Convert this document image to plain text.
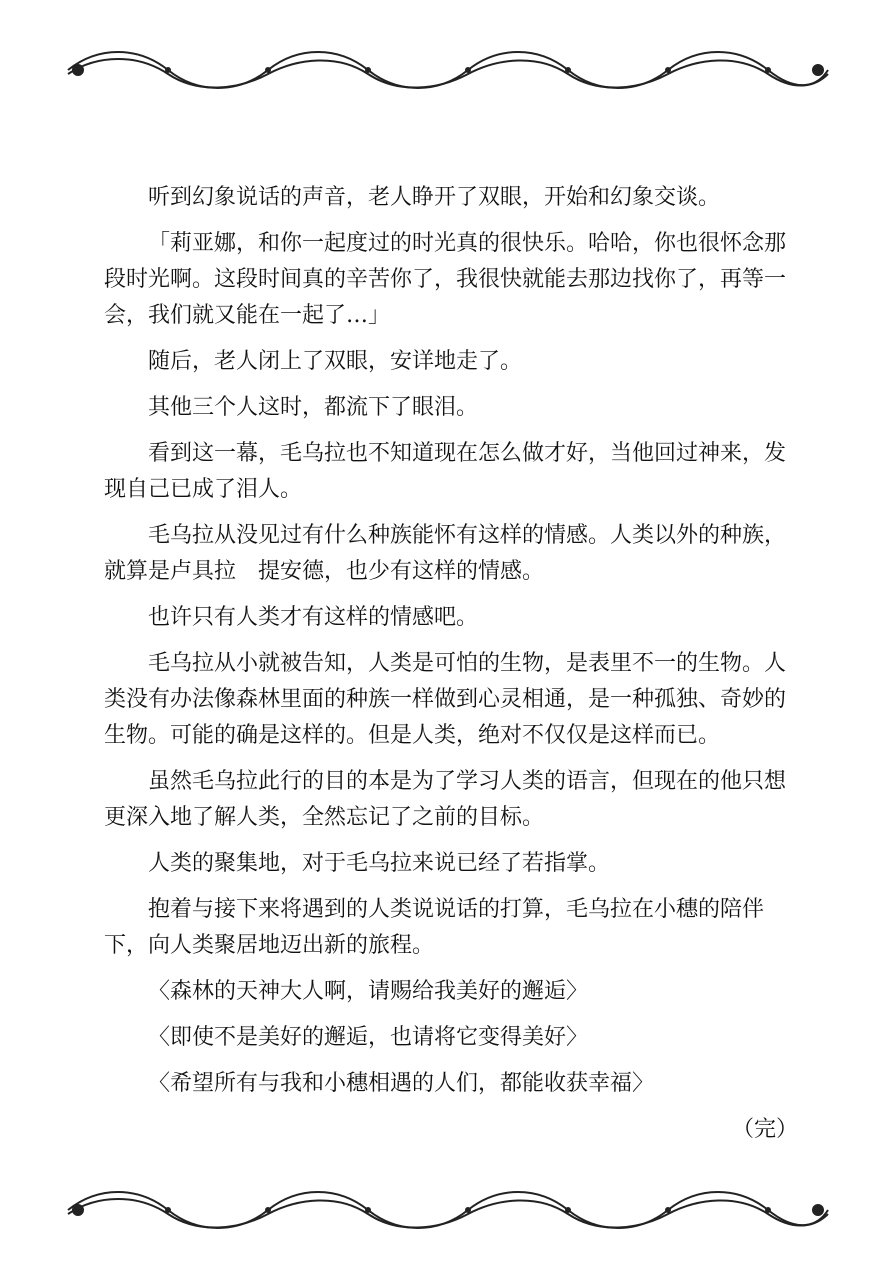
听到幻象说话的声音，老人睁开了双眼，开始和幻象交谈。

「莉亚娜，和你一起度过的时光真的很快乐。哈哈，你也很怀念那段时光啊。这段时间真的辛苦你了，我很快就能去那边找你了，再等一会，我们就又能在一起了…」

随后，老人闭上了双眼，安详地走了。

其他三个人这时，都流下了眼泪。

看到这一幕，毛乌拉也不知道现在怎么做才好，当他回过神来，发现自己已成了泪人。

毛乌拉从没见过有什么种族能怀有这样的情感。人类以外的种族，就算是卢具拉　提安德，也少有这样的情感。

也许只有人类才有这样的情感吧。

毛乌拉从小就被告知，人类是可怕的生物，是表里不一的生物。人类没有办法像森林里面的种族一样做到心灵相通，是一种孤独、奇妙的生物。可能的确是这样的。但是人类，绝对不仅仅是这样而已。

虽然毛乌拉此行的目的本是为了学习人类的语言，但现在的他只想更深入地了解人类，全然忘记了之前的目标。

人类的聚集地，对于毛乌拉来说已经了若指掌。

抱着与接下来将遇到的人类说说话的打算，毛乌拉在小穗的陪伴下，向人类聚居地迈出新的旅程。

〈森林的天神大人啊，请赐给我美好的邂逅〉

〈即使不是美好的邂逅，也请将它变得美好〉

〈希望所有与我和小穗相遇的人们，都能收获幸福〉

（完）
